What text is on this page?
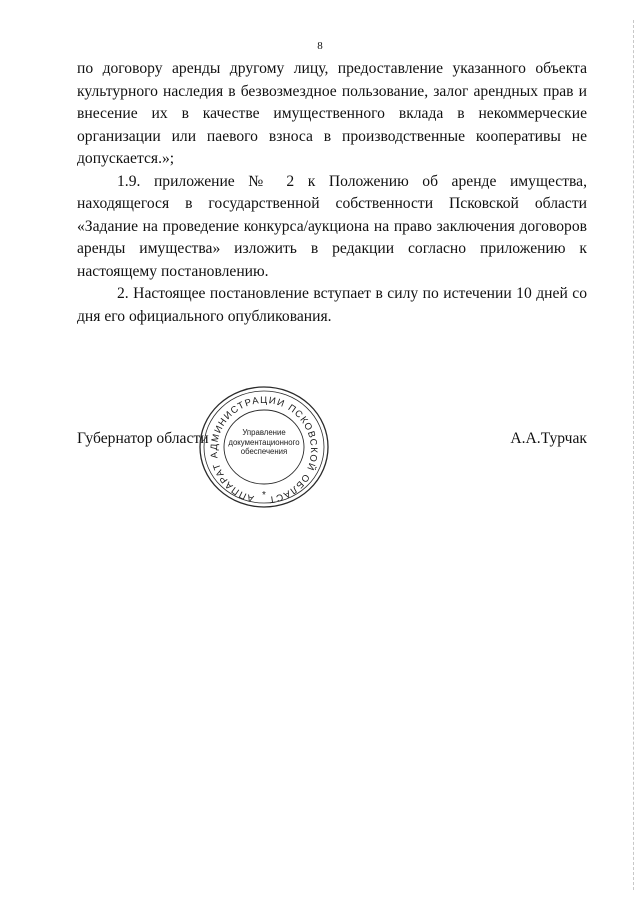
8

по договору аренды другому лицу, предоставление указанного объекта культурного наследия в безвозмездное пользование, залог арендных прав и внесение их в качестве имущественного вклада в некоммерческие организации или паевого взноса в производственные кооперативы не допускается.»;

1.9. приложение № 2 к Положению об аренде имущества, находящегося в государственной собственности Псковской области «Задание на проведение конкурса/аукциона на право заключения договоров аренды имущества» изложить в редакции согласно приложению к настоящему постановлению.

2. Настоящее постановление вступает в силу по истечении 10 дней со дня его официального опубликования.

Губернатор области	А.А.Турчак
АППАРАТ АДМИНИСТРАЦИИ ПСКОВСКОЙ ОБЛАСТ
*
Управление
документационного
обеспечения
